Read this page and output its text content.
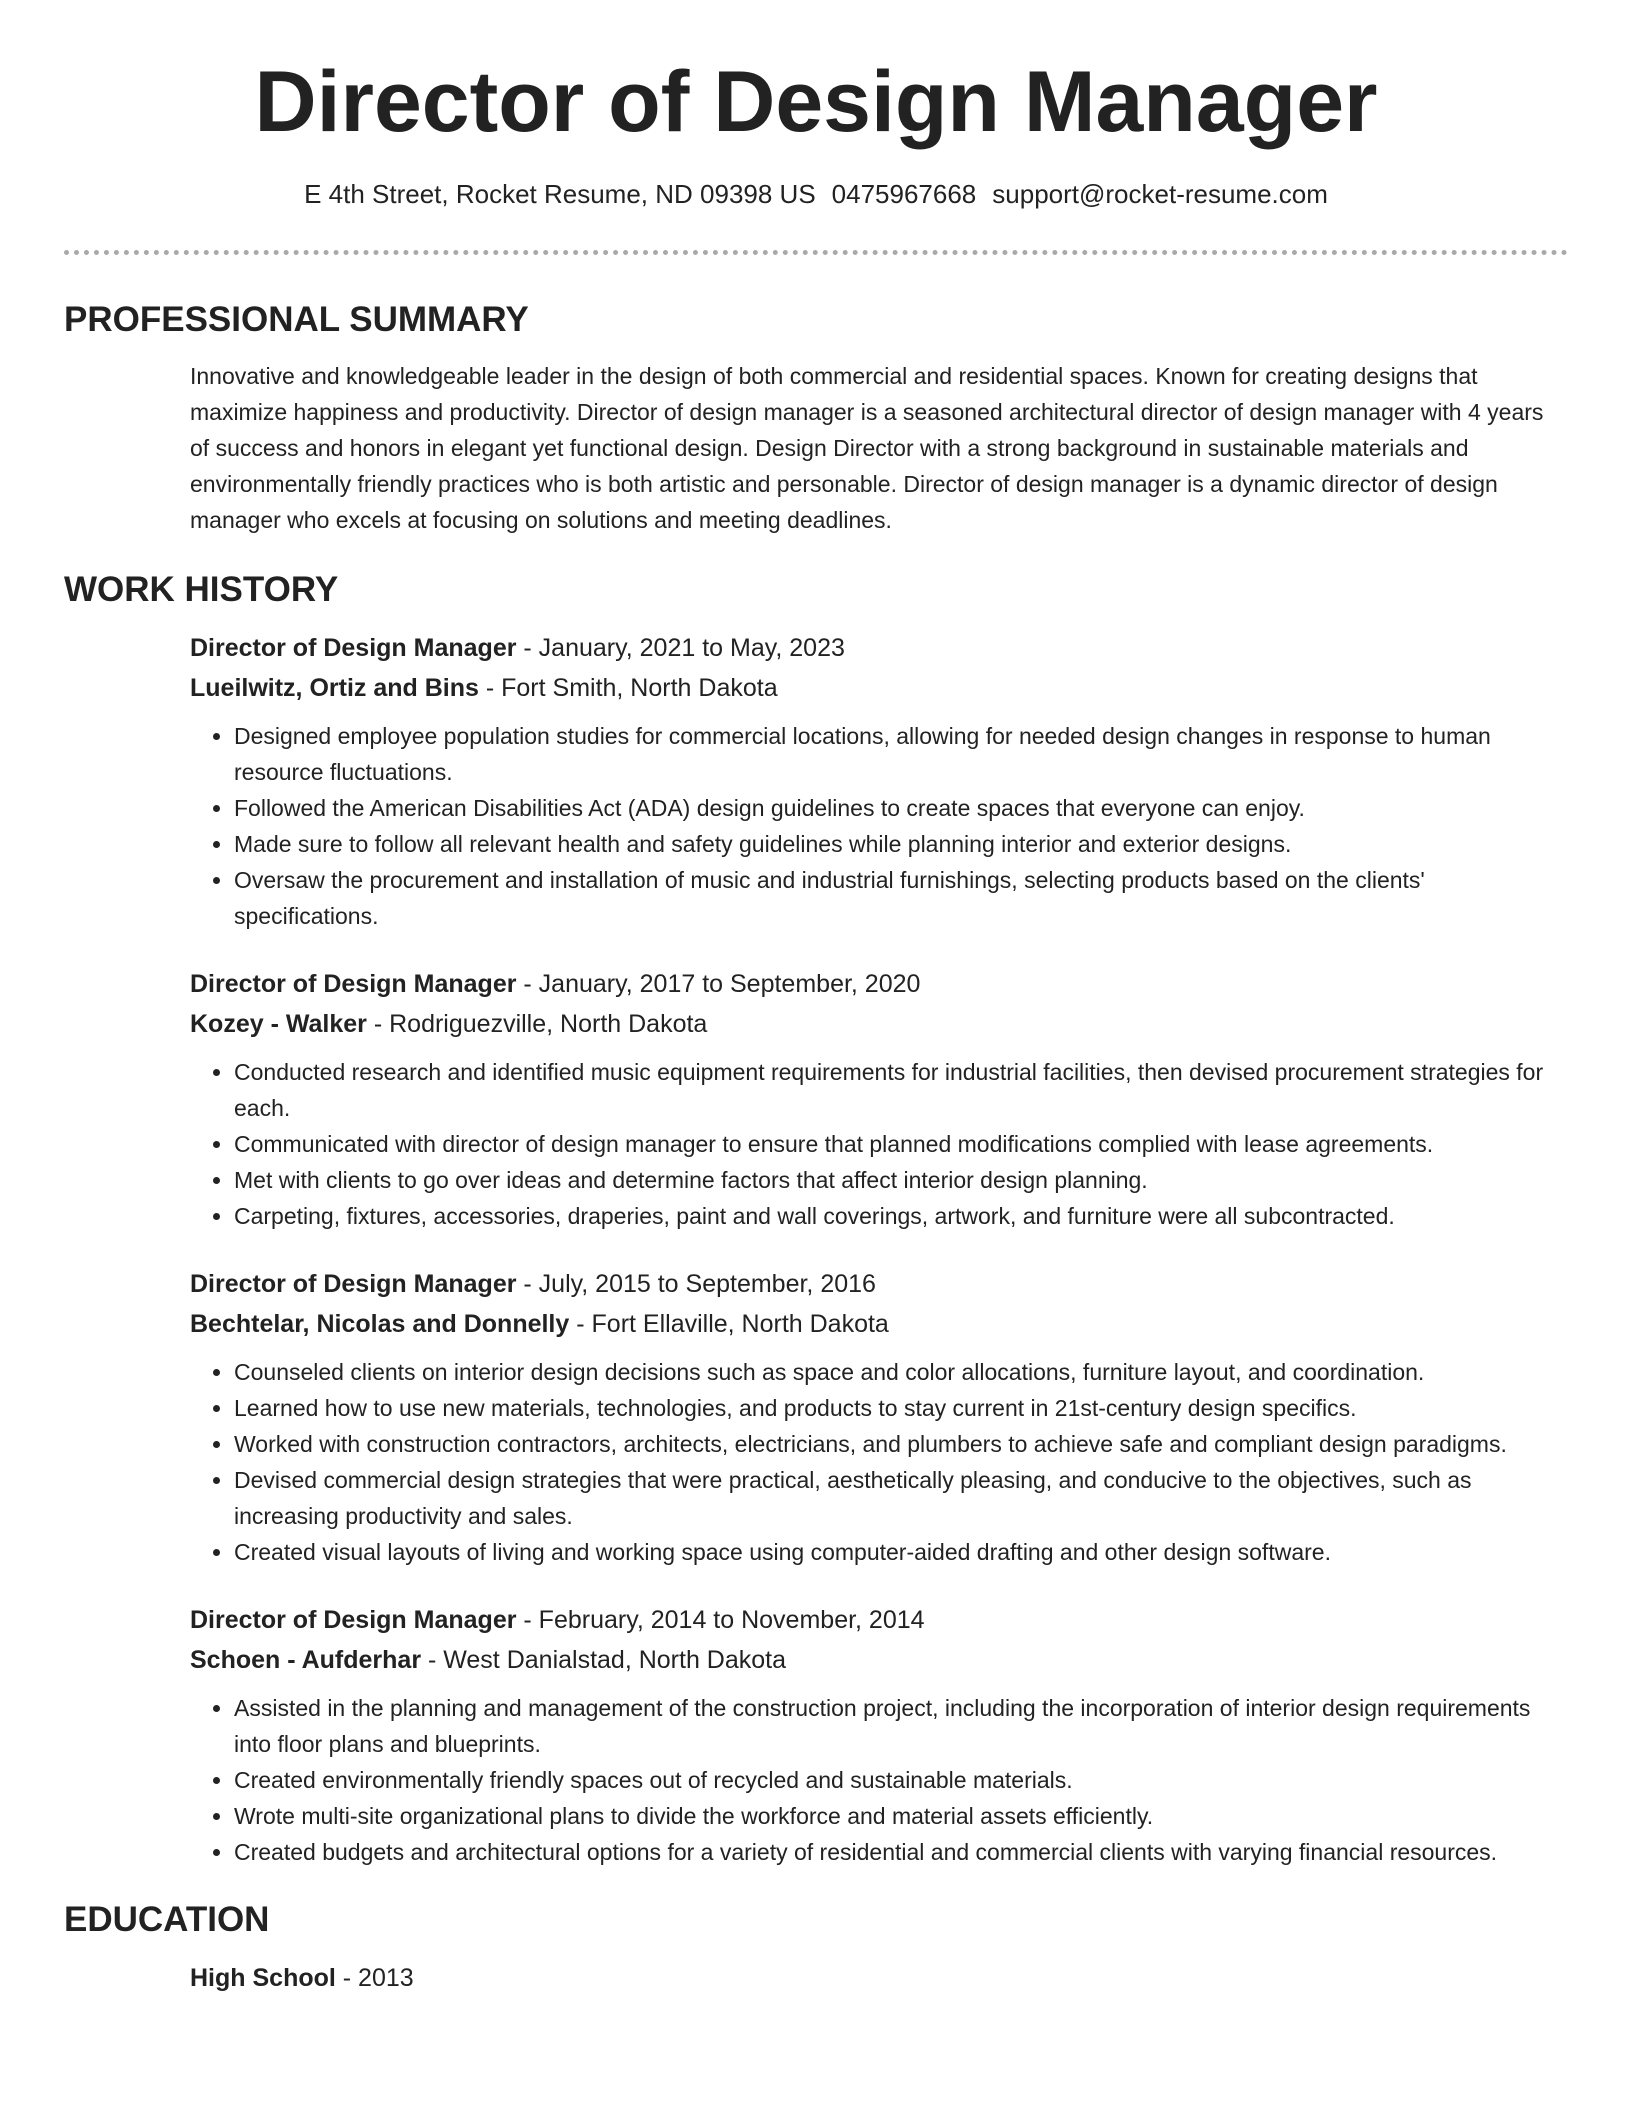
Director of Design Manager
E 4th Street, Rocket Resume, ND 09398 US 0475967668 support@rocket-resume.com
PROFESSIONAL SUMMARY

Innovative and knowledgeable leader in the design of both commercial and residential spaces. Known for creating designs that maximize happiness and productivity. Director of design manager is a seasoned architectural director of design manager with 4 years of success and honors in elegant yet functional design. Design Director with a strong background in sustainable materials and environmentally friendly practices who is both artistic and personable. Director of design manager is a dynamic director of design manager who excels at focusing on solutions and meeting deadlines.

WORK HISTORY
Director of Design Manager - January, 2021 to May, 2023
Lueilwitz, Ortiz and Bins - Fort Smith, North Dakota
• Designed employee population studies for commercial locations, allowing for needed design changes in response to human resource fluctuations.
• Followed the American Disabilities Act (ADA) design guidelines to create spaces that everyone can enjoy.
• Made sure to follow all relevant health and safety guidelines while planning interior and exterior designs.
• Oversaw the procurement and installation of music and industrial furnishings, selecting products based on the clients' specifications.
Director of Design Manager - January, 2017 to September, 2020
Kozey - Walker - Rodriguezville, North Dakota
• Conducted research and identified music equipment requirements for industrial facilities, then devised procurement strategies for each.
• Communicated with director of design manager to ensure that planned modifications complied with lease agreements.
• Met with clients to go over ideas and determine factors that affect interior design planning.
• Carpeting, fixtures, accessories, draperies, paint and wall coverings, artwork, and furniture were all subcontracted.
Director of Design Manager - July, 2015 to September, 2016
Bechtelar, Nicolas and Donnelly - Fort Ellaville, North Dakota
• Counseled clients on interior design decisions such as space and color allocations, furniture layout, and coordination.
• Learned how to use new materials, technologies, and products to stay current in 21st-century design specifics.
• Worked with construction contractors, architects, electricians, and plumbers to achieve safe and compliant design paradigms.
• Devised commercial design strategies that were practical, aesthetically pleasing, and conducive to the objectives, such as increasing productivity and sales.
• Created visual layouts of living and working space using computer-aided drafting and other design software.
Director of Design Manager - February, 2014 to November, 2014
Schoen - Aufderhar - West Danialstad, North Dakota
• Assisted in the planning and management of the construction project, including the incorporation of interior design requirements into floor plans and blueprints.
• Created environmentally friendly spaces out of recycled and sustainable materials.
• Wrote multi-site organizational plans to divide the workforce and material assets efficiently.
• Created budgets and architectural options for a variety of residential and commercial clients with varying financial resources.
EDUCATION
High School - 2013
